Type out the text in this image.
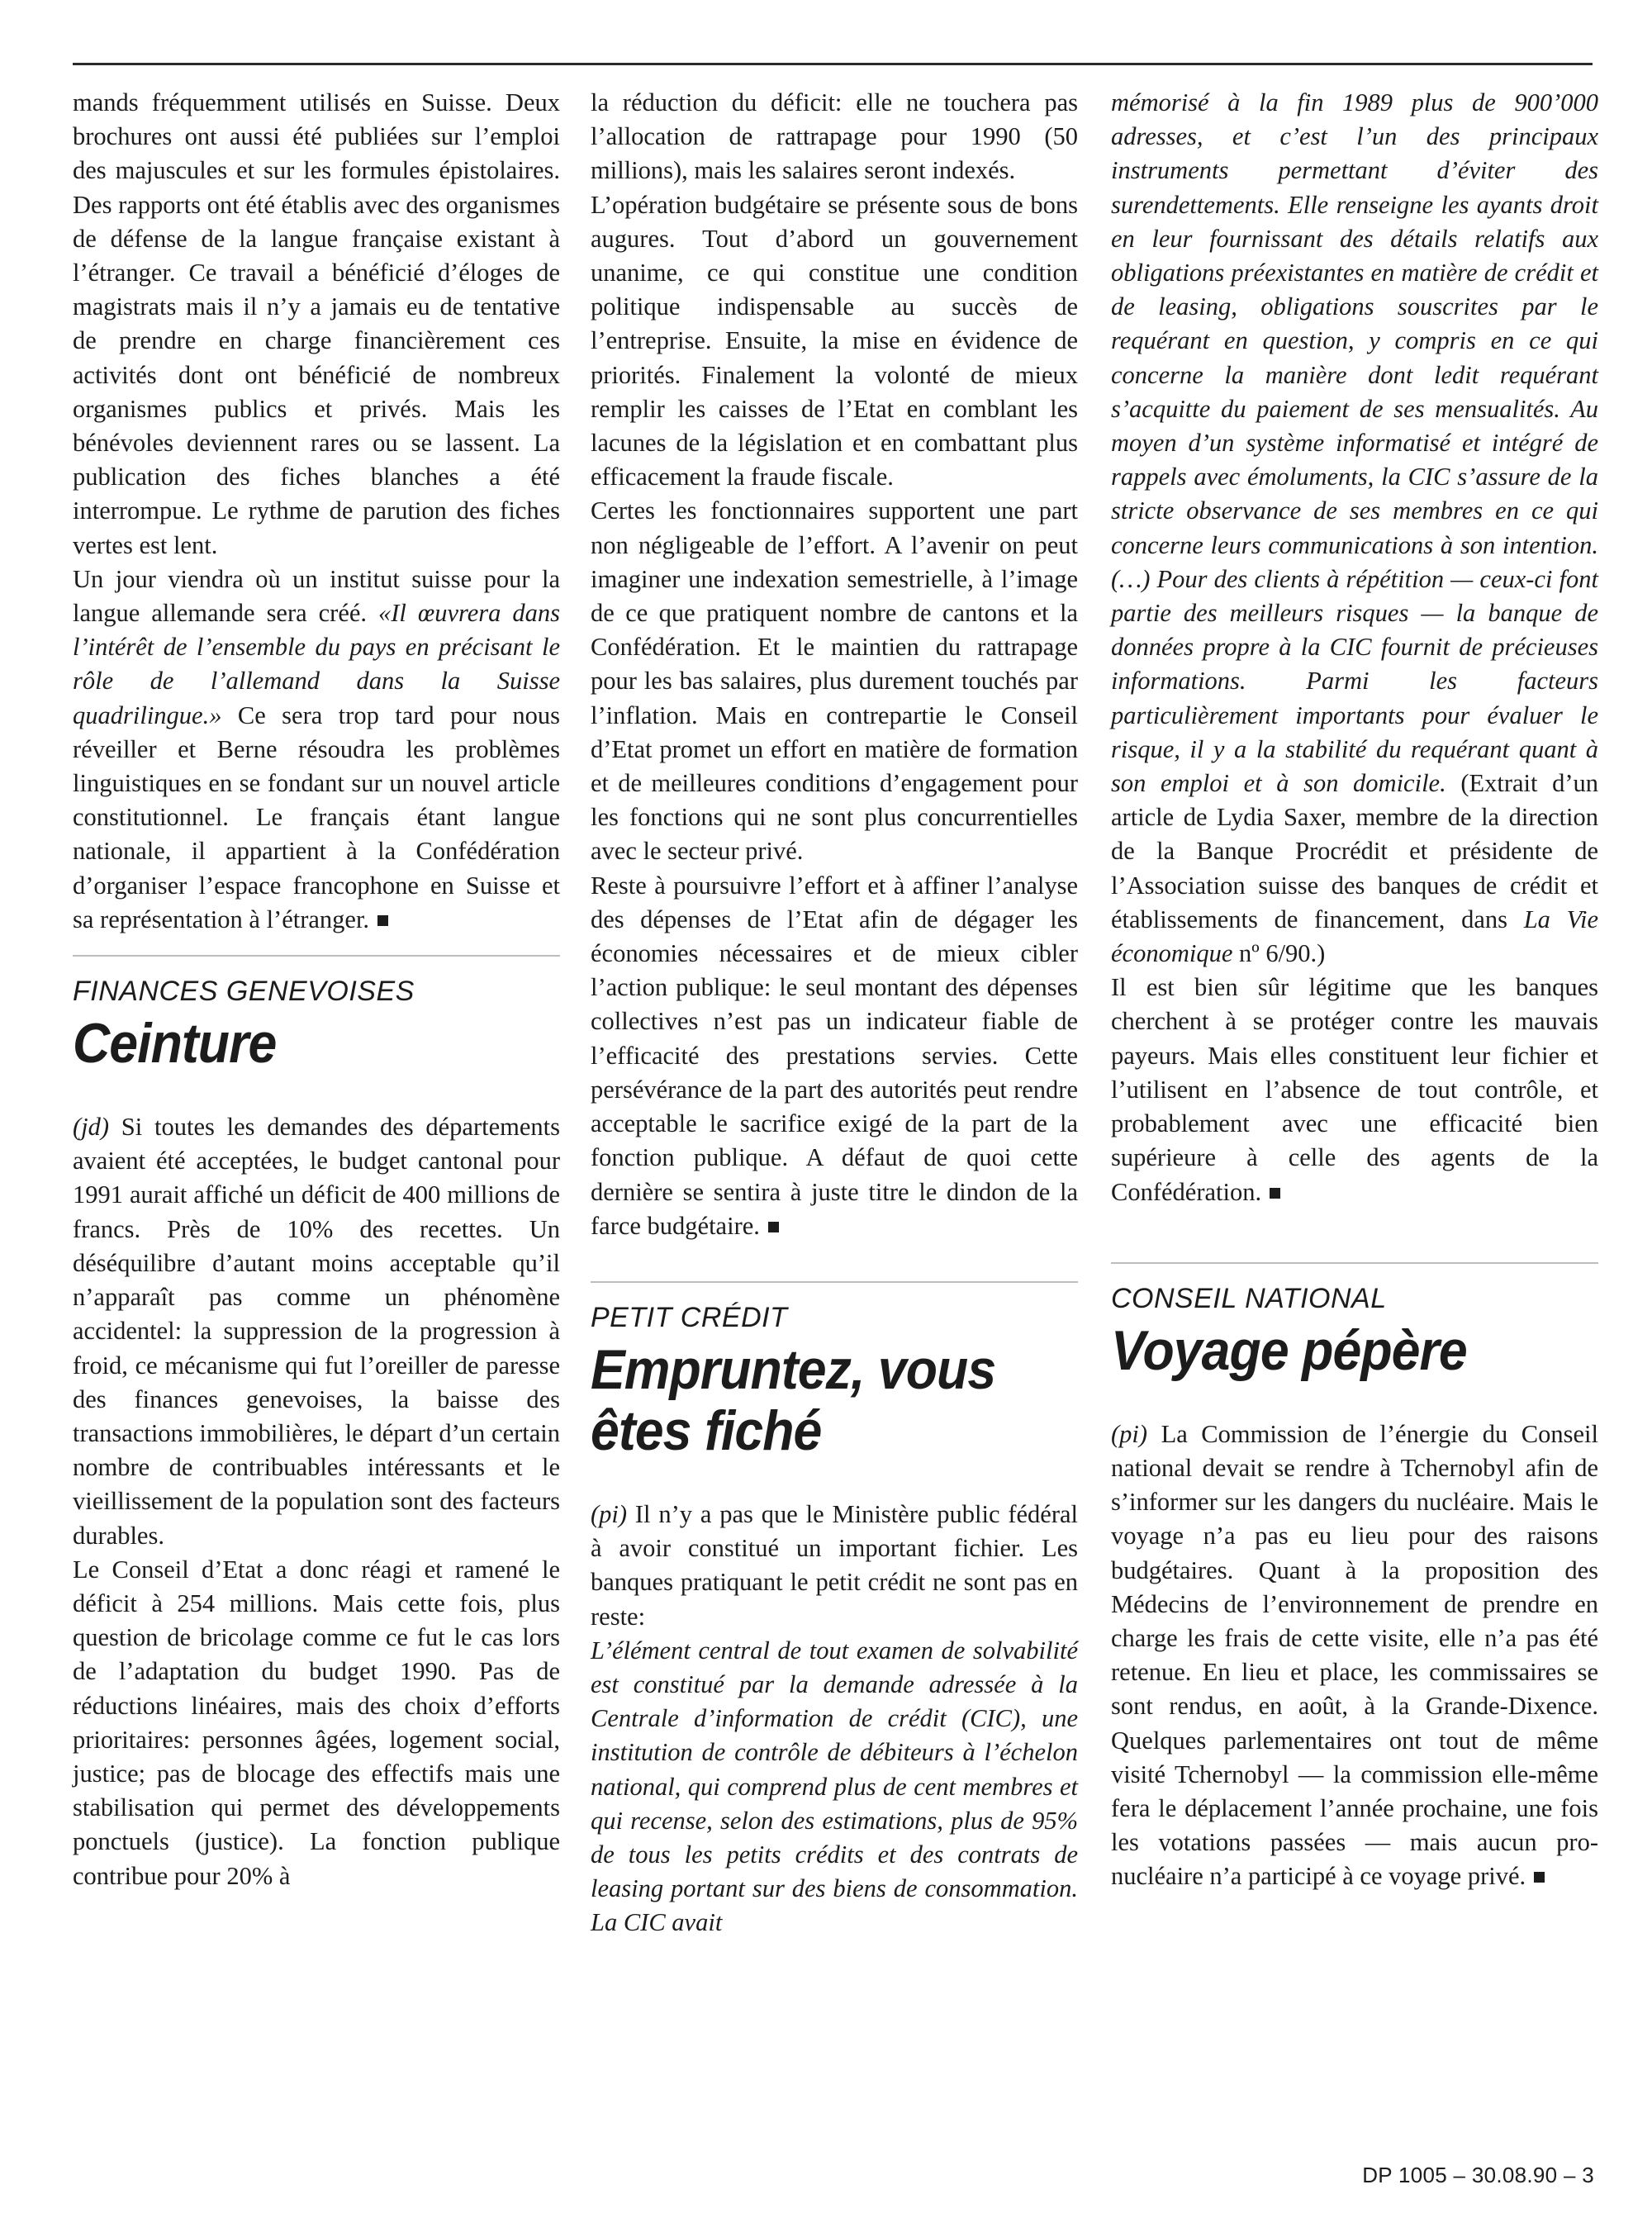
mands fréquemment utilisés en Suisse. Deux brochures ont aussi été publiées sur l’emploi des majuscules et sur les formules épistolaires. Des rapports ont été établis avec des organismes de défense de la langue française existant à l’étranger. Ce travail a bénéficié d’éloges de magistrats mais il n’y a jamais eu de tentative de prendre en charge financièrement ces activités dont ont bénéficié de nombreux organismes publics et privés. Mais les bénévoles deviennent rares ou se lassent. La publication des fiches blanches a été interrompue. Le rythme de parution des fiches vertes est lent.

Un jour viendra où un institut suisse pour la langue allemande sera créé. «Il œuvrera dans l’intérêt de l’ensemble du pays en précisant le rôle de l’allemand dans la Suisse quadrilingue.» Ce sera trop tard pour nous réveiller et Berne résoudra les problèmes linguistiques en se fondant sur un nouvel article constitutionnel. Le français étant langue nationale, il appartient à la Confédération d’organiser l’espace francophone en Suisse et sa représentation à l’étranger.

FINANCES GENEVOISES
Ceinture

(jd) Si toutes les demandes des départements avaient été acceptées, le budget cantonal pour 1991 aurait affiché un déficit de 400 millions de francs. Près de 10% des recettes. Un déséquilibre d’autant moins acceptable qu’il n’apparaît pas comme un phénomène accidentel: la suppression de la progression à froid, ce mécanisme qui fut l’oreiller de paresse des finances genevoises, la baisse des transactions immobilières, le départ d’un certain nombre de contribuables intéressants et le vieillissement de la population sont des facteurs durables.

Le Conseil d’Etat a donc réagi et ramené le déficit à 254 millions. Mais cette fois, plus question de bricolage comme ce fut le cas lors de l’adaptation du budget 1990. Pas de réductions linéaires, mais des choix d’efforts prioritaires: personnes âgées, logement social, justice; pas de blocage des effectifs mais une stabilisation qui permet des développements ponctuels (justice). La fonction publique contribue pour 20% à

la réduction du déficit: elle ne touchera pas l’allocation de rattrapage pour 1990 (50 millions), mais les salaires seront indexés.

L’opération budgétaire se présente sous de bons augures. Tout d’abord un gouvernement unanime, ce qui constitue une condition politique indispensable au succès de l’entreprise. Ensuite, la mise en évidence de priorités. Finalement la volonté de mieux remplir les caisses de l’Etat en comblant les lacunes de la législation et en combattant plus efficacement la fraude fiscale.

Certes les fonctionnaires supportent une part non négligeable de l’effort. A l’avenir on peut imaginer une indexation semestrielle, à l’image de ce que pratiquent nombre de cantons et la Confédération. Et le maintien du rattrapage pour les bas salaires, plus durement touchés par l’inflation. Mais en contrepartie le Conseil d’Etat promet un effort en matière de formation et de meilleures conditions d’engagement pour les fonctions qui ne sont plus concurrentielles avec le secteur privé.

Reste à poursuivre l’effort et à affiner l’analyse des dépenses de l’Etat afin de dégager les économies nécessaires et de mieux cibler l’action publique: le seul montant des dépenses collectives n’est pas un indicateur fiable de l’efficacité des prestations servies. Cette persévérance de la part des autorités peut rendre acceptable le sacrifice exigé de la part de la fonction publique. A défaut de quoi cette dernière se sentira à juste titre le dindon de la farce budgétaire.

PETIT CRÉDIT
Empruntez, vous êtes fiché

(pi) Il n’y a pas que le Ministère public fédéral à avoir constitué un important fichier. Les banques pratiquant le petit crédit ne sont pas en reste:

L’élément central de tout examen de solvabilité est constitué par la demande adressée à la Centrale d’information de crédit (CIC), une institution de contrôle de débiteurs à l’échelon national, qui comprend plus de cent membres et qui recense, selon des estimations, plus de 95% de tous les petits crédits et des contrats de leasing portant sur des biens de consommation. La CIC avait

mémorisé à la fin 1989 plus de 900’000 adresses, et c’est l’un des principaux instruments permettant d’éviter des surendettements. Elle renseigne les ayants droit en leur fournissant des détails relatifs aux obligations préexistantes en matière de crédit et de leasing, obligations souscrites par le requérant en question, y compris en ce qui concerne la manière dont ledit requérant s’acquitte du paiement de ses mensualités. Au moyen d’un système informatisé et intégré de rappels avec émoluments, la CIC s’assure de la stricte observance de ses membres en ce qui concerne leurs communications à son intention. (…) Pour des clients à répétition — ceux-ci font partie des meilleurs risques — la banque de données propre à la CIC fournit de précieuses informations. Parmi les facteurs particulièrement importants pour évaluer le risque, il y a la stabilité du requérant quant à son emploi et à son domicile. (Extrait d’un article de Lydia Saxer, membre de la direction de la Banque Procrédit et présidente de l’Association suisse des banques de crédit et établissements de financement, dans La Vie économique nº 6/90.)

Il est bien sûr légitime que les banques cherchent à se protéger contre les mauvais payeurs. Mais elles constituent leur fichier et l’utilisent en l’absence de tout contrôle, et probablement avec une efficacité bien supérieure à celle des agents de la Confédération.

CONSEIL NATIONAL
Voyage pépère

(pi) La Commission de l’énergie du Conseil national devait se rendre à Tchernobyl afin de s’informer sur les dangers du nucléaire. Mais le voyage n’a pas eu lieu pour des raisons budgétaires. Quant à la proposition des Médecins de l’environnement de prendre en charge les frais de cette visite, elle n’a pas été retenue. En lieu et place, les commissaires se sont rendus, en août, à la Grande-Dixence. Quelques parlementaires ont tout de même visité Tchernobyl — la commission elle-même fera le déplacement l’année prochaine, une fois les votations passées — mais aucun pro-nucléaire n’a participé à ce voyage privé.

DP 1005 – 30.08.90 – 3
